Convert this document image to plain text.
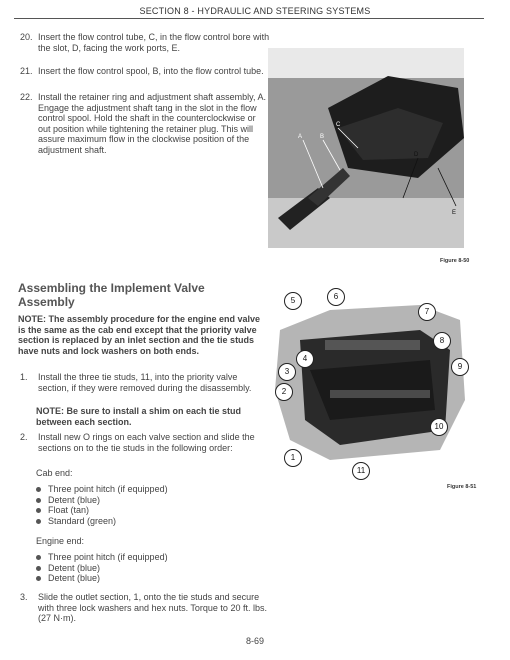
SECTION 8 - HYDRAULIC AND STEERING SYSTEMS
20. Insert the flow control tube, C, in the flow control bore with the slot, D, facing the work ports, E.
21. Insert the flow control spool, B, into the flow control tube.
22. Install the retainer ring and adjustment shaft assembly, A. Engage the adjustment shaft tang in the slot in the flow control spool. Hold the shaft in the counterclockwise or out position while tightening the retainer plug. This will assure maximum flow in the clockwise position of the adjustment shaft.
A	B
C
D
E
Figure 8-50
Assembling the Implement Valve Assembly
NOTE: The assembly procedure for the engine end valve is the same as the cab end except that the priority valve section is replaced by an inlet section and the tie studs have nuts and lock washers on both ends.
1. Install the three tie studs, 11, into the priority valve section, if they were removed during the disassembly.
NOTE: Be sure to install a shim on each tie stud between each section.
2. Install new O rings on each valve section and slide the sections on to the tie studs in the following order:
Cab end:
Three point hitch (if equipped)
Detent (blue)
Float (tan)
Standard (green)
Engine end:
Three point hitch (if equipped)
Detent (blue)
Detent (blue)
3. Slide the outlet section, 1, onto the tie studs and secure with three lock washers and hex nuts. Torque to 20 ft. lbs. (27 N·m).
5	6
7
8
3
9
2
10
1
11
4
Figure 8-51
8-69
